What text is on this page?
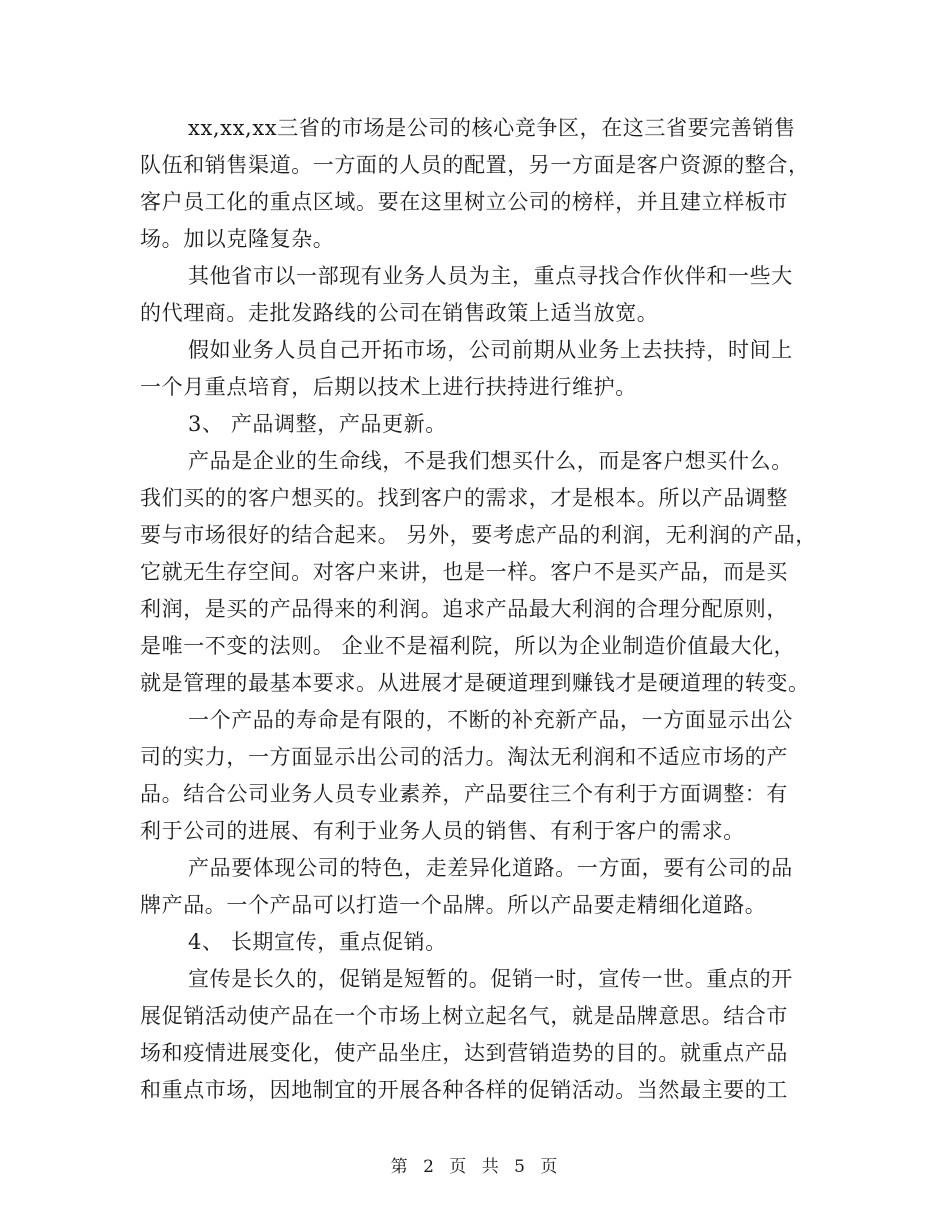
xx,xx,xx三省的市场是公司的核心竞争区，在这三省要完善销售
队伍和销售渠道。一方面的人员的配置，另一方面是客户资源的整合，
客户员工化的重点区域。要在这里树立公司的榜样，并且建立样板市
场。加以克隆复杂。
其他省市以一部现有业务人员为主，重点寻找合作伙伴和一些大
的代理商。走批发路线的公司在销售政策上适当放宽。
假如业务人员自己开拓市场，公司前期从业务上去扶持，时间上
一个月重点培育，后期以技术上进行扶持进行维护。
3、 产品调整，产品更新。
产品是企业的生命线，不是我们想买什么，而是客户想买什么。
我们买的的客户想买的。找到客户的需求，才是根本。所以产品调整
要与市场很好的结合起来。 另外，要考虑产品的利润，无利润的产品，
它就无生存空间。对客户来讲，也是一样。客户不是买产品，而是买
利润，是买的产品得来的利润。追求产品最大利润的合理分配原则，
是唯一不变的法则。 企业不是福利院，所以为企业制造价值最大化，
就是管理的最基本要求。从进展才是硬道理到赚钱才是硬道理的转变。
一个产品的寿命是有限的，不断的补充新产品，一方面显示出公
司的实力，一方面显示出公司的活力。淘汰无利润和不适应市场的产
品。结合公司业务人员专业素养，产品要往三个有利于方面调整：有
利于公司的进展、有利于业务人员的销售、有利于客户的需求。
产品要体现公司的特色，走差异化道路。一方面，要有公司的品
牌产品。一个产品可以打造一个品牌。所以产品要走精细化道路。
4、 长期宣传，重点促销。
宣传是长久的，促销是短暂的。促销一时，宣传一世。重点的开
展促销活动使产品在一个市场上树立起名气，就是品牌意思。结合市
场和疫情进展变化，使产品坐庄，达到营销造势的目的。就重点产品
和重点市场，因地制宜的开展各种各样的促销活动。当然最主要的工
第 2 页 共 5 页
